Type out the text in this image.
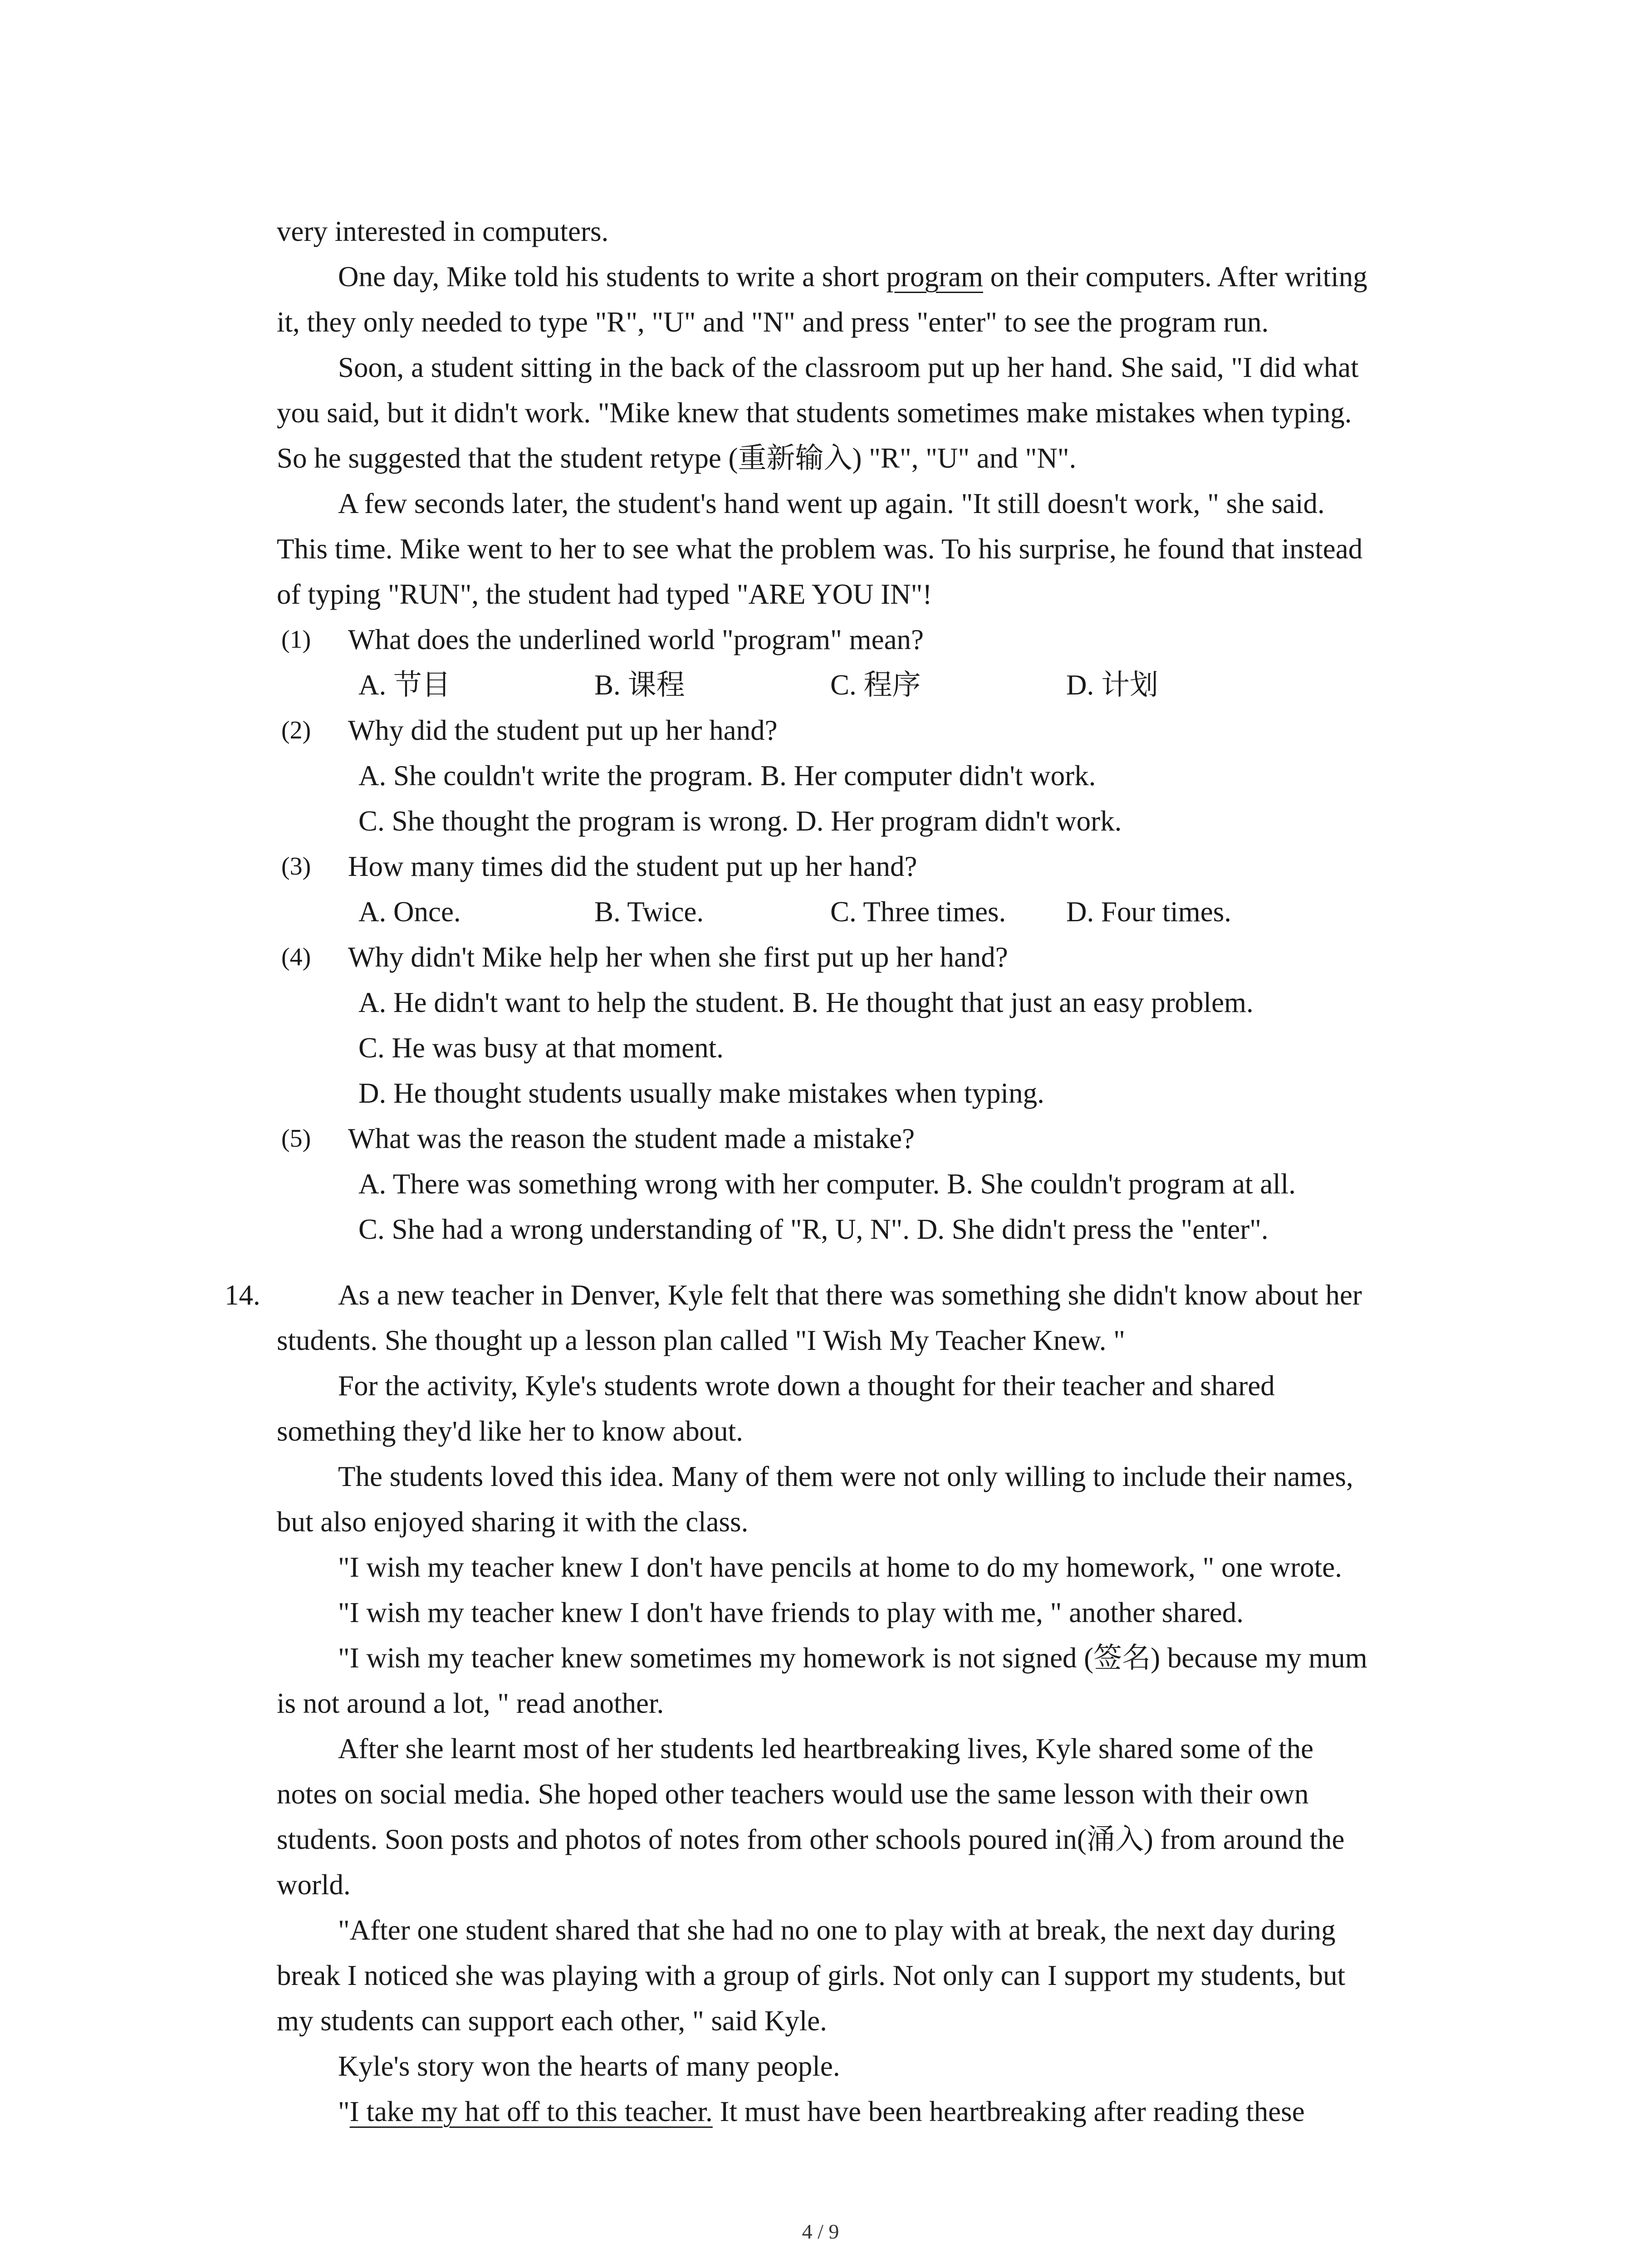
very interested in computers.
One day, Mike told his students to write a short program on their computers. After writing
it, they only needed to type "R", "U" and "N" and press "enter" to see the program run.
Soon, a student sitting in the back of the classroom put up her hand. She said, "I did what
you said, but it didn't work. "Mike knew that students sometimes make mistakes when typing.
So he suggested that the student retype (重新输入) "R", "U" and "N".
A few seconds later, the student's hand went up again. "It still doesn't work, " she said.
This time. Mike went to her to see what the problem was. To his surprise, he found that instead
of typing "RUN", the student had typed "ARE YOU IN"!
(1) What does the underlined world "program" mean?
A. 节目	B. 课程	C. 程序	D. 计划
(2) Why did the student put up her hand?
A. She couldn't write the program. B. Her computer didn't work.
C. She thought the program is wrong. D. Her program didn't work.
(3) How many times did the student put up her hand?
A. Once.	B. Twice.	C. Three times. D. Four times.
(4) Why didn't Mike help her when she first put up her hand?
A. He didn't want to help the student. B. He thought that just an easy problem.
C. He was busy at that moment.
D. He thought students usually make mistakes when typing.
(5) What was the reason the student made a mistake?
A. There was something wrong with her computer. B. She couldn't program at all.
C. She had a wrong understanding of "R, U, N". D. She didn't press the "enter".
14.	As a new teacher in Denver, Kyle felt that there was something she didn't know about her
students. She thought up a lesson plan called "I Wish My Teacher Knew. "
For the activity, Kyle's students wrote down a thought for their teacher and shared
something they'd like her to know about.
The students loved this idea. Many of them were not only willing to include their names,
but also enjoyed sharing it with the class.
"I wish my teacher knew I don't have pencils at home to do my homework, " one wrote.
"I wish my teacher knew I don't have friends to play with me, " another shared.
"I wish my teacher knew sometimes my homework is not signed (签名) because my mum
is not around a lot, " read another.
After she learnt most of her students led heartbreaking lives, Kyle shared some of the
notes on social media. She hoped other teachers would use the same lesson with their own
students. Soon posts and photos of notes from other schools poured in(涌入) from around the
world.
"After one student shared that she had no one to play with at break, the next day during
break I noticed she was playing with a group of girls. Not only can I support my students, but
my students can support each other, " said Kyle.
Kyle's story won the hearts of many people.
"I take my hat off to this teacher. It must have been heartbreaking after reading these
4 / 9
